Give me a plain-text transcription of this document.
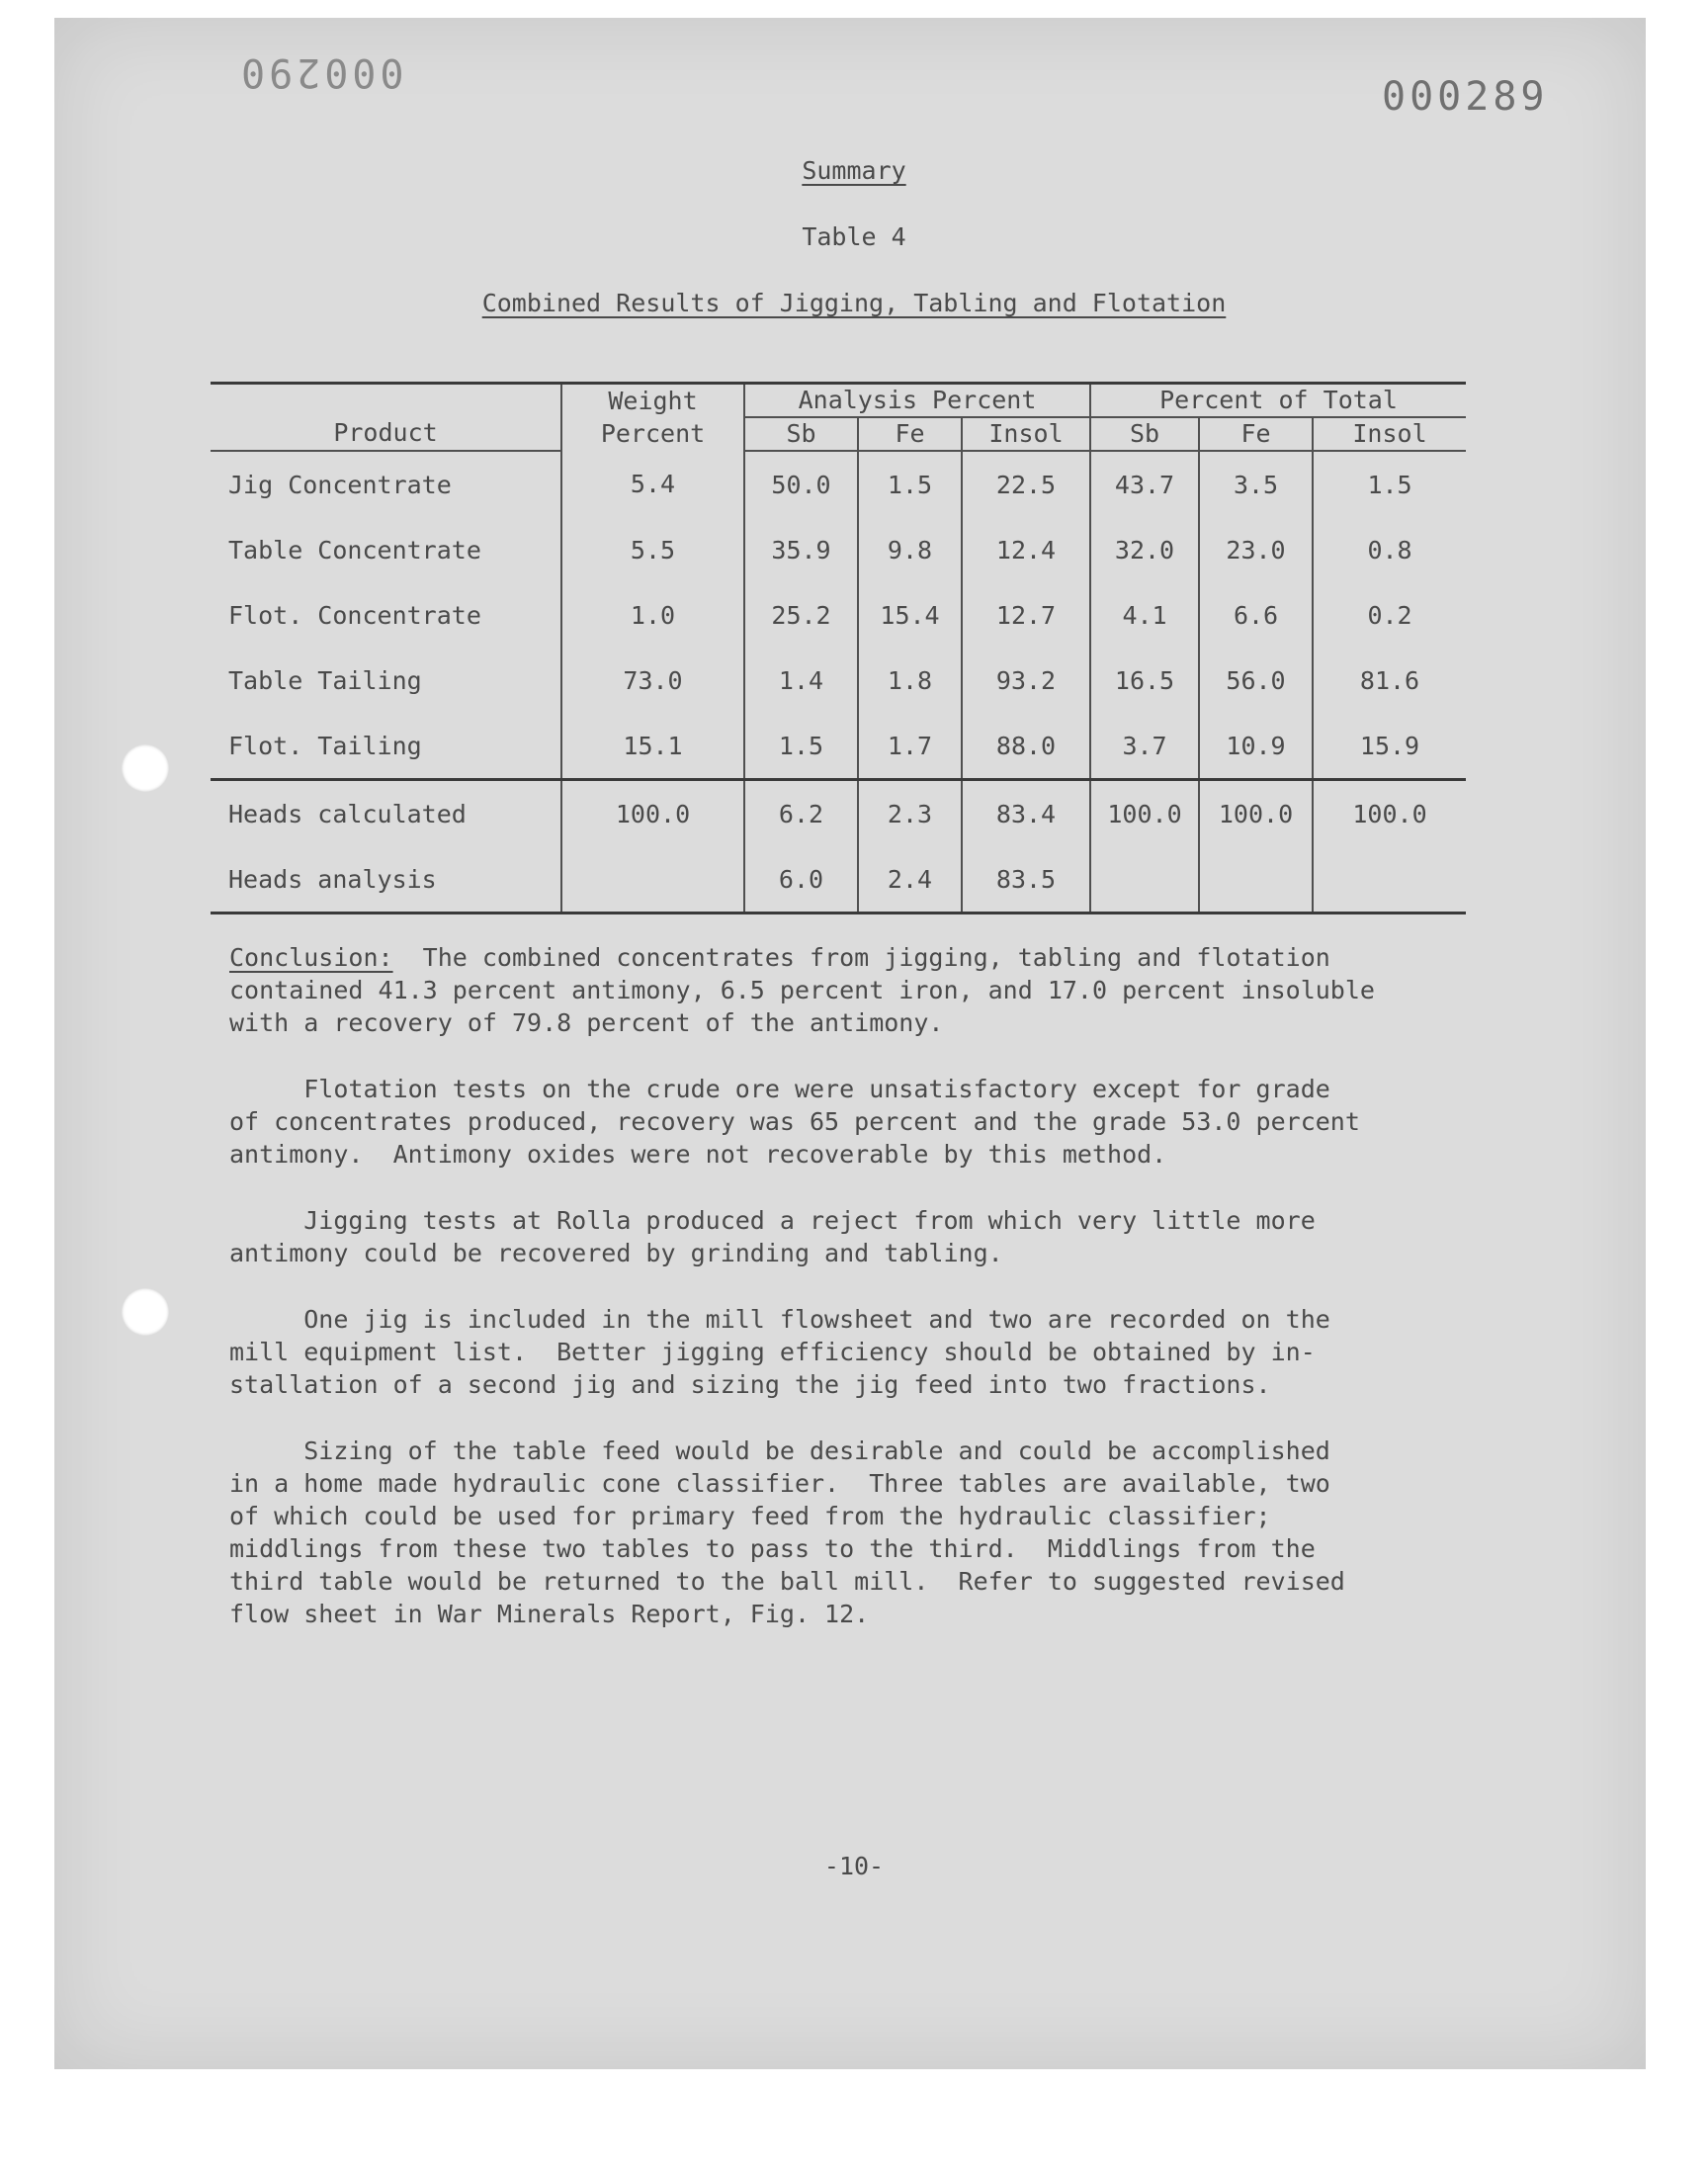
000290
000289
Summary
Table 4
Combined Results of Jigging, Tabling and Flotation
Product	Weight	Analysis Percent			Percent of Total		
	Percent	Sb	Fe	Insol	Sb	Fe	Insol
Jig Concentrate	5.4	50.0	1.5	22.5	43.7	3.5	1.5
Table Concentrate	5.5	35.9	9.8	12.4	32.0	23.0	0.8
Flot. Concentrate	1.0	25.2	15.4	12.7	4.1	6.6	0.2
Table Tailing	73.0	1.4	1.8	93.2	16.5	56.0	81.6
Flot. Tailing	15.1	1.5	1.7	88.0	3.7	10.9	15.9
Heads calculated	100.0	6.2	2.3	83.4	100.0	100.0	100.0
Heads analysis		6.0	2.4	83.5			
Conclusion:  The combined concentrates from jigging, tabling and flotation
contained 41.3 percent antimony, 6.5 percent iron, and 17.0 percent insoluble
with a recovery of 79.8 percent of the antimony.
Flotation tests on the crude ore were unsatisfactory except for grade
of concentrates produced, recovery was 65 percent and the grade 53.0 percent
antimony.  Antimony oxides were not recoverable by this method.
Jigging tests at Rolla produced a reject from which very little more
antimony could be recovered by grinding and tabling.
One jig is included in the mill flowsheet and two are recorded on the
mill equipment list.  Better jigging efficiency should be obtained by in-
stallation of a second jig and sizing the jig feed into two fractions.
Sizing of the table feed would be desirable and could be accomplished
in a home made hydraulic cone classifier.  Three tables are available, two
of which could be used for primary feed from the hydraulic classifier;
middlings from these two tables to pass to the third.  Middlings from the
third table would be returned to the ball mill.  Refer to suggested revised
flow sheet in War Minerals Report, Fig. 12.
-10-
